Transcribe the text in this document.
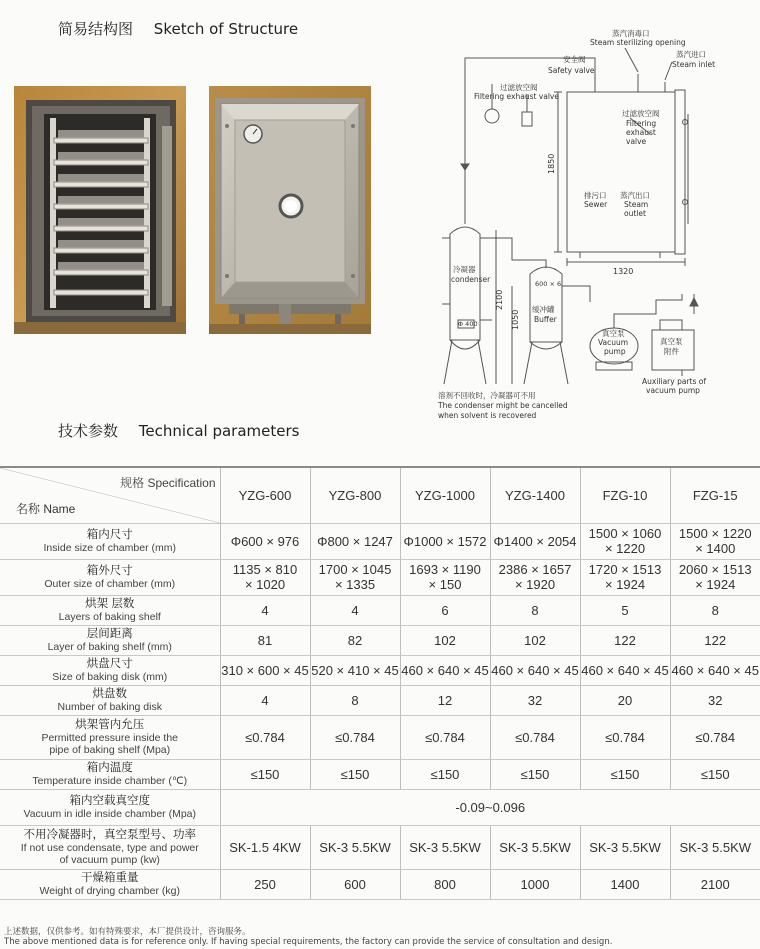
简易结构图 Sketch of Structure	蒸汽消毒口
Steam sterilizing opening
安全阀
Safety valve
蒸汽进口
Steam inlet
过滤放空阀
Filtering exhaust valve
过滤放空阀
Filtering
exhaust
valve
排污口
Sewer
蒸汽出口
Steam
outlet
1850
1320
2100
1050
冷凝器
condenser
Φ 400
600 × 6
缓冲罐
Buffer
真空泵
Vacuum
pump
真空泵
附件
Auxiliary parts of
vacuum pump
溶剂不回收时，冷凝器可不用
The condenser might be cancelled
when solvent is recovered
技术参数 Technical parameters
规格 Specification
名称 Name	YZG-600	YZG-800	YZG-1000	YZG-1400	FZG-10	FZG-15

箱内尺寸
Inside size of chamber (mm)	Φ600 × 976	Φ800 × 1247	Φ1000 × 1572	Φ1400 × 2054	1500 × 1060
× 1220	1500 × 1220
× 1400

箱外尺寸
Outer size of chamber (mm)	1135 × 810
× 1020	1700 × 1045
× 1335	1693 × 1190
× 150	2386 × 1657
× 1920	1720 × 1513
× 1924	2060 × 1513
× 1924

烘架 层数
Layers of baking shelf	4	4	6	8	5	8

层间距离
Layer of baking shelf (mm)	81	82	102	102	122	122

烘盘尺寸
Size of baking disk (mm)	310 × 600 × 45	520 × 410 × 45	460 × 640 × 45	460 × 640 × 45	460 × 640 × 45	460 × 640 × 45

烘盘数
Number of baking disk	4	8	12	32	20	32

烘架管内允压
Permitted pressure inside the
pipe of baking shelf (Mpa)	≤0.784	≤0.784	≤0.784	≤0.784	≤0.784	≤0.784

箱内温度
Temperature inside chamber (℃)	≤150	≤150	≤150	≤150	≤150	≤150

箱内空载真空度
Vacuum in idle inside chamber (Mpa)	-0.09~0.096					

不用冷凝器时，真空泵型号、功率
If not use condensate, type and power
of vacuum pump (kw)	SK-1.5 4KW	SK-3 5.5KW	SK-3 5.5KW	SK-3 5.5KW	SK-3 5.5KW	SK-3 5.5KW

干燥箱重量
Weight of drying chamber (kg)	250	600	800	1000	1400	2100
上述数据，仅供参考。如有特殊要求，本厂提供设计，咨询服务。
The above mentioned data is for reference only. If having special requirements, the factory can provide the service of consultation and design.
